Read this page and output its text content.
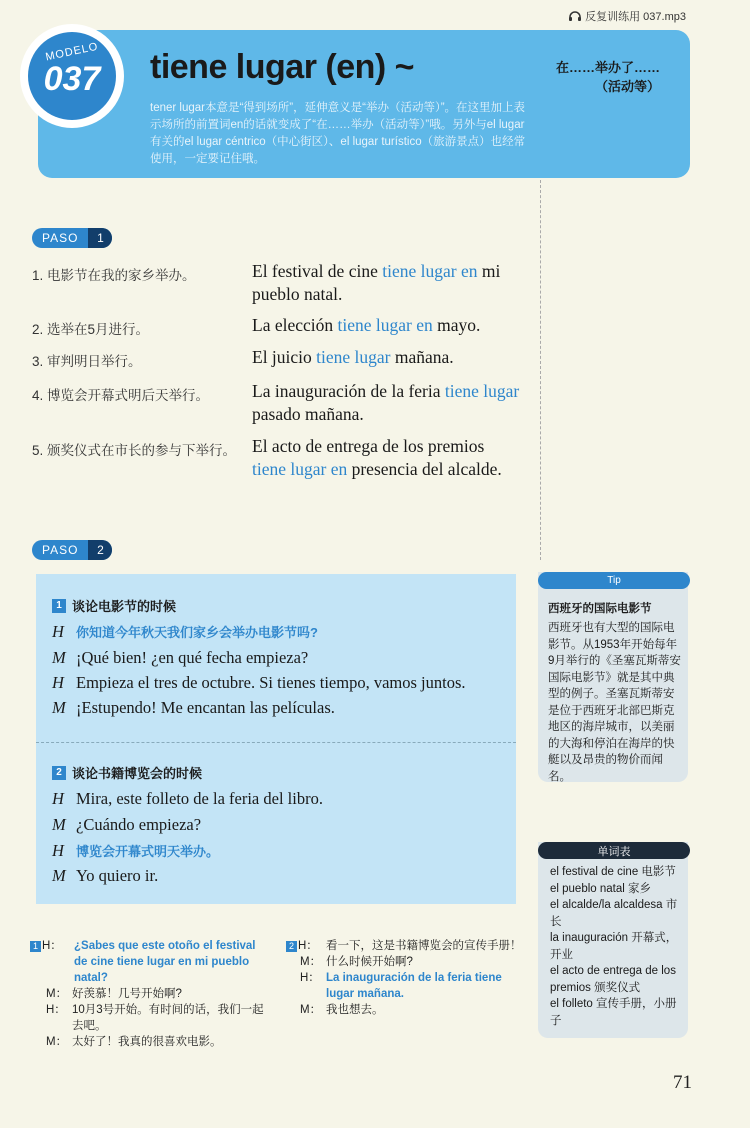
反复训练用 037.mp3
MODELO
037	tiene lugar (en) ~	在……举办了……
（活动等）
tener lugar本意是“得到场所”，延伸意义是“举办（活动等）”。在这里加上表示场所的前置词en的话就变成了“在……举办（活动等）”哦。另外与el lugar有关的el lugar céntrico（中心街区）、el lugar turístico（旅游景点）也经常使用，一定要记住哦。
PASO	1
1. 电影节在我的家乡举办。	El festival de cine tiene lugar en mi pueblo natal.
2. 选举在5月进行。	La elección tiene lugar en mayo.
3. 审判明日举行。	El juicio tiene lugar mañana.
4. 博览会开幕式明后天举行。 La inauguración de la feria tiene lugar pasado mañana.
5. 颁奖仪式在市长的参与下举行。 El acto de entrega de los premios tiene lugar en presencia del alcalde.
PASO	2
1 谈论电影节的时候
H 你知道今年秋天我们家乡会举办电影节吗?
M ¡Qué bien! ¿en qué fecha empieza?
H Empieza el tres de octubre. Si tienes tiempo, vamos juntos.
M ¡Estupendo! Me encantan las películas.
2 谈论书籍博览会的时候
H Mira, este folleto de la feria del libro.
M ¿Cuándo empieza?
H 博览会开幕式明天举办。
M Yo quiero ir.
Tip
西班牙的国际电影节
西班牙也有大型的国际电影节。从1953年开始每年9月举行的《圣塞瓦斯蒂安国际电影节》就是其中典型的例子。圣塞瓦斯蒂安是位于西班牙北部巴斯克地区的海岸城市，以美丽的大海和停泊在海岸的快艇以及昂贵的物价而闻名。
单词表
el festival de cine 电影节
el pueblo natal 家乡
el alcalde/la alcaldesa 市长
la inauguración 开幕式，开业
el acto de entrega de los premios 颁奖仪式
el folleto 宣传手册，小册子
1 H：	¿Sabes que este otoño el festival de cine tiene lugar en mi pueblo natal?
M： 好羡慕！几号开始啊?
H： 10月3号开始。有时间的话，我们一起去吧。
M： 太好了！我真的很喜欢电影。
2 H： 看一下，这是书籍博览会的宣传手册！
M： 什么时候开始啊?
H： La inauguración de la feria tiene lugar mañana.
M： 我也想去。
71
